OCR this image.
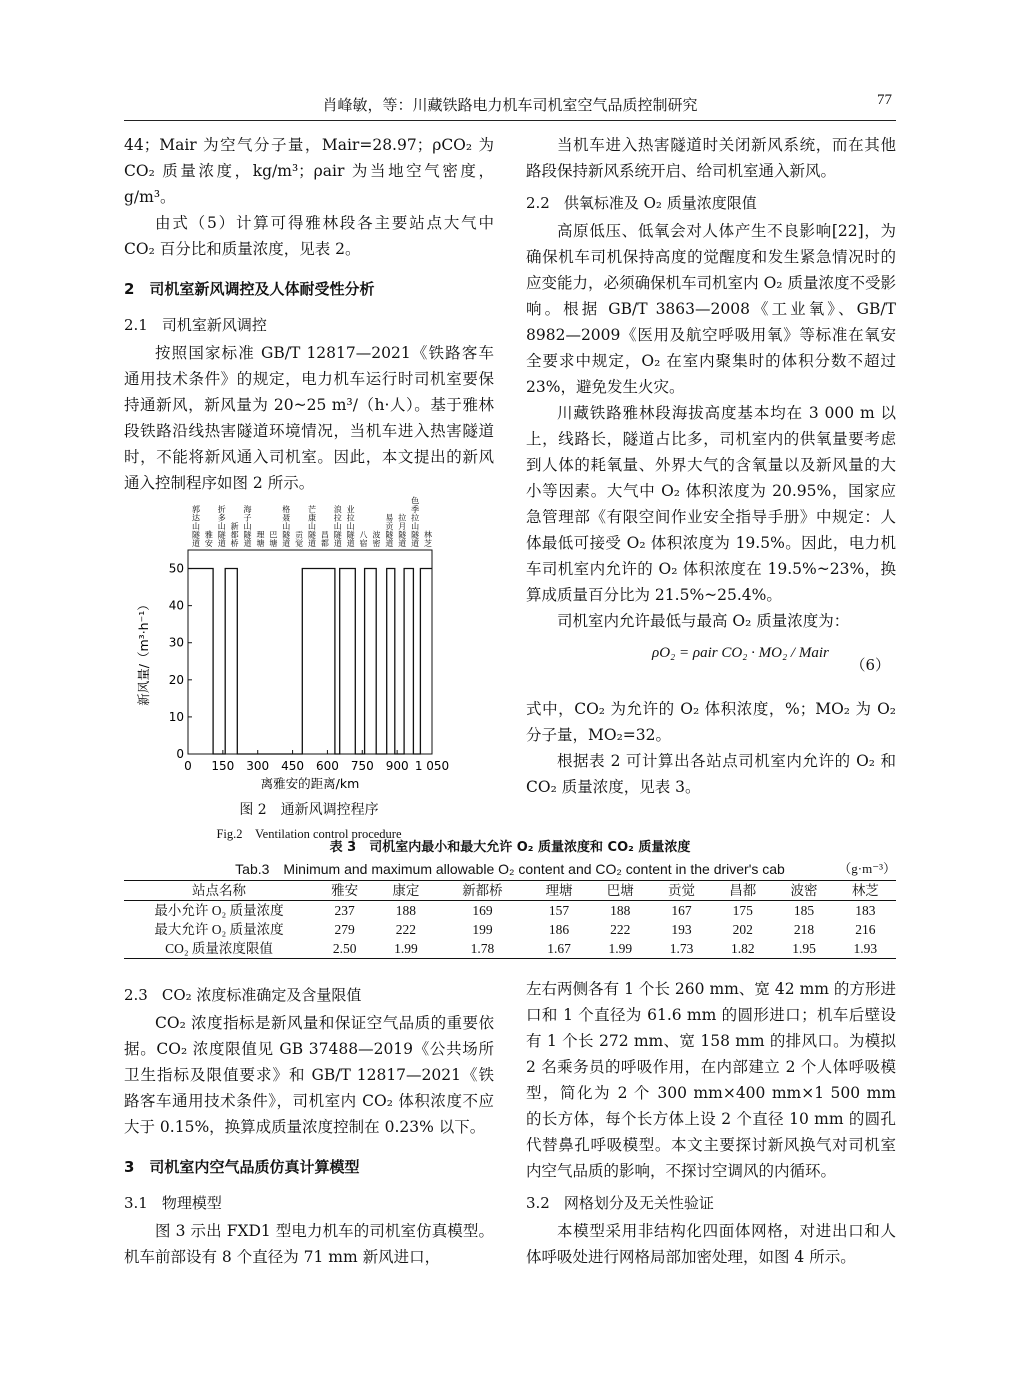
肖峰敏，等：川藏铁路电力机车司机室空气品质控制研究	77

44；Mair 为空气分子量，Mair=28.97；ρCO₂ 为 CO₂ 质量浓度，kg/m³；ρair 为当地空气密度，g/m³。

由式（5）计算可得雅林段各主要站点大气中 CO₂ 百分比和质量浓度，见表 2。

2　司机室新风调控及人体耐受性分析
2.1 司机室新风调控

按照国家标准 GB/T 12817—2021《铁路客车通用技术条件》的规定，电力机车运行时司机室要保持通新风，新风量为 20~25 m³/（h·人）。基于雅林段铁路沿线热害隧道环境情况，当机车进入热害隧道时，不能将新风通入司机室。因此，本文提出的新风通入控制程序如图 2 所示。

0
10
20
30
40
50
0 150 300 450 600 750 900 1 050
离雅安的距离/km
新风量/（m³·h⁻¹）
郭达山隧道
雅安
折多山隧道
新都桥
海子山隧道
理塘
巴塘
格聂山隧道
贡觉
芒康山隧道
昌都
浪拉山隧道
业拉山隧道
八宿
波密
易贡隧道
拉月隧道
色季拉山隧道
林芝
图 2　通新风调控程序
Fig.2　Ventilation control procedure

当机车进入热害隧道时关闭新风系统，而在其他路段保持新风系统开启、给司机室通入新风。

2.2 供氧标准及 O₂ 质量浓度限值

高原低压、低氧会对人体产生不良影响[22]，为确保机车司机保持高度的觉醒度和发生紧急情况时的应变能力，必须确保机车司机室内 O₂ 质量浓度不受影响。根据 GB/T 3863—2008《工业氧》、GB/T 8982—2009《医用及航空呼吸用氧》等标准在氧安全要求中规定，O₂ 在室内聚集时的体积分数不超过 23%，避免发生火灾。

川藏铁路雅林段海拔高度基本均在 3 000 m 以上，线路长，隧道占比多，司机室内的供氧量要考虑到人体的耗氧量、外界大气的含氧量以及新风量的大小等因素。大气中 O₂ 体积浓度为 20.95%，国家应急管理部《有限空间作业安全指导手册》中规定：人体最低可接受 O₂ 体积浓度为 19.5%。因此，电力机车司机室内允许的 O₂ 体积浓度在 19.5%~23%，换算成质量百分比为 21.5%~25.4%。

司机室内允许最低与最高 O₂ 质量浓度为：

ρO₂ = ρair CO₂ · MO₂ / Mair
（6）

式中，CO₂ 为允许的 O₂ 体积浓度，%；MO₂ 为 O₂ 分子量，MO₂=32。

根据表 2 可计算出各站点司机室内允许的 O₂ 和 CO₂ 质量浓度，见表 3。

表 3　司机室内最小和最大允许 O₂ 质量浓度和 CO₂ 质量浓度
Tab.3　Minimum and maximum allowable O₂ content and CO₂ content in the driver's cab	（g·m⁻³）
站点名称	雅安	康定	新都桥	理塘	巴塘	贡觉	昌都	波密	林芝
最小允许 O₂ 质量浓度	237	188	169	157	188	167	175	185	183
最大允许 O₂ 质量浓度	279	222	199	186	222	193	202	218	216
CO₂ 质量浓度限值	2.50	1.99	1.78	1.67	1.99	1.73	1.82	1.95	1.93
2.3 CO₂ 浓度标准确定及含量限值

CO₂ 浓度指标是新风量和保证空气品质的重要依据。CO₂ 浓度限值见 GB 37488—2019《公共场所卫生指标及限值要求》和 GB/T 12817—2021《铁路客车通用技术条件》，司机室内 CO₂ 体积浓度不应大于 0.15%，换算成质量浓度控制在 0.23% 以下。

3　司机室内空气品质仿真计算模型
3.1 物理模型

图 3 示出 FXD1 型电力机车的司机室仿真模型。机车前部设有 8 个直径为 71 mm 新风进口，

左右两侧各有 1 个长 260 mm、宽 42 mm 的方形进口和 1 个直径为 61.6 mm 的圆形进口；机车后壁设有 1 个长 272 mm、宽 158 mm 的排风口。为模拟 2 名乘务员的呼吸作用，在内部建立 2 个人体呼吸模型，简化为 2 个 300 mm×400 mm×1 500 mm 的长方体，每个长方体上设 2 个直径 10 mm 的圆孔代替鼻孔呼吸模型。本文主要探讨新风换气对司机室内空气品质的影响，不探讨空调风的内循环。

3.2 网格划分及无关性验证

本模型采用非结构化四面体网格，对进出口和人体呼吸处进行网格局部加密处理，如图 4 所示。
